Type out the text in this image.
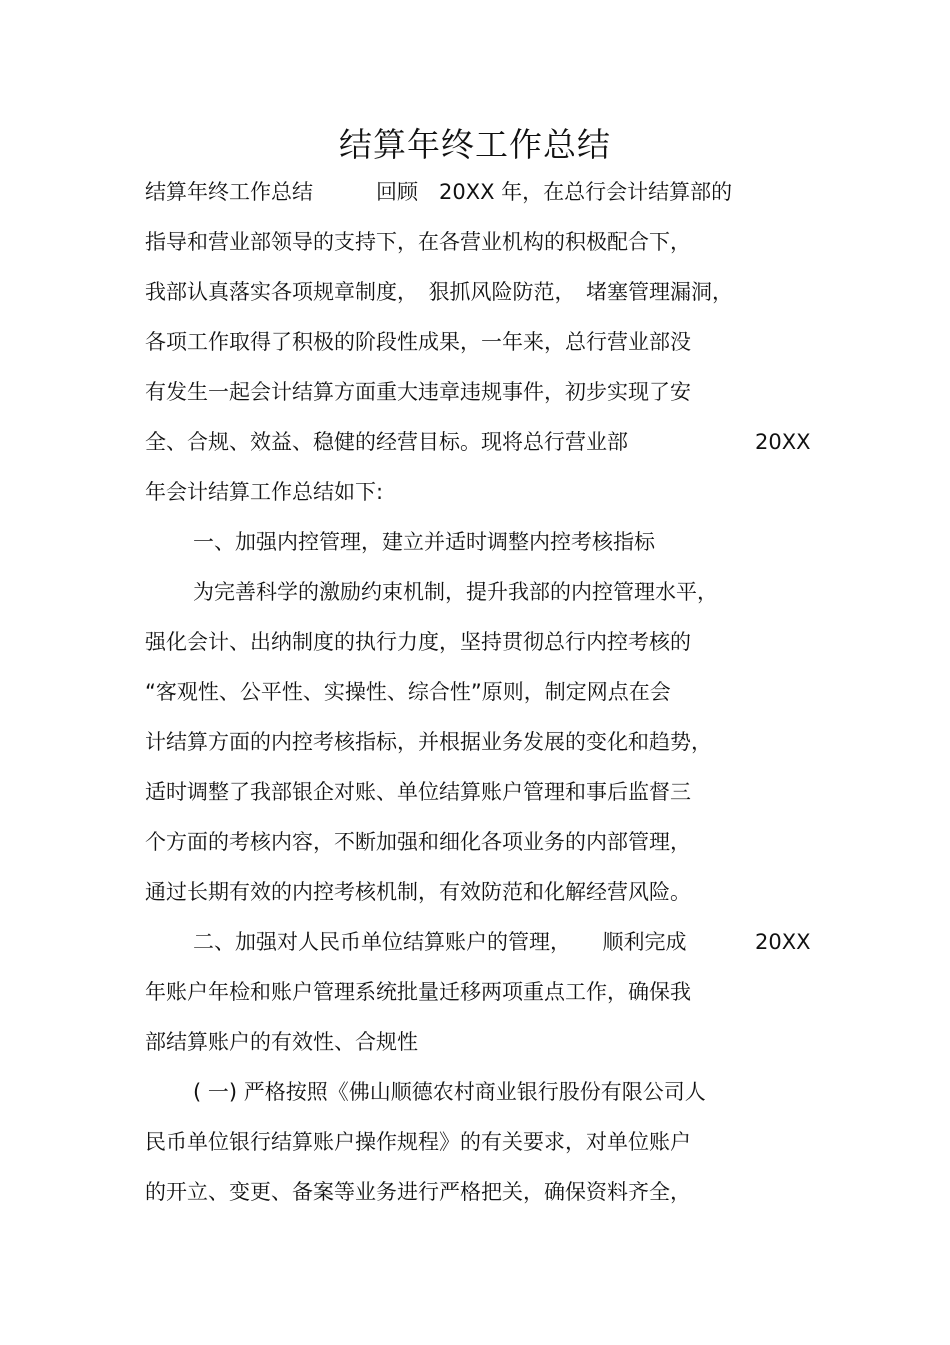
结算年终工作总结
结算年终工作总结　　　回顾　20XX 年，在总行会计结算部的
指导和营业部领导的支持下，在各营业机构的积极配合下，
我部认真落实各项规章制度，　狠抓风险防范，　堵塞管理漏洞，
各项工作取得了积极的阶段性成果，一年来，总行营业部没
有发生一起会计结算方面重大违章违规事件，初步实现了安
全、合规、效益、稳健的经营目标。现将总行营业部	20XX
年会计结算工作总结如下:
一、加强内控管理，建立并适时调整内控考核指标
为完善科学的激励约束机制，提升我部的内控管理水平，
强化会计、出纳制度的执行力度，坚持贯彻总行内控考核的
“客观性、公平性、实操性、综合性”原则，制定网点在会
计结算方面的内控考核指标，并根据业务发展的变化和趋势，
适时调整了我部银企对账、单位结算账户管理和事后监督三
个方面的考核内容，不断加强和细化各项业务的内部管理，
通过长期有效的内控考核机制，有效防范和化解经营风险。
二、加强对人民币单位结算账户的管理，　　顺利完成	20XX
年账户年检和账户管理系统批量迁移两项重点工作，确保我
部结算账户的有效性、合规性
( 一) 严格按照《佛山顺德农村商业银行股份有限公司人
民币单位银行结算账户操作规程》的有关要求，对单位账户
的开立、变更、备案等业务进行严格把关，确保资料齐全，
